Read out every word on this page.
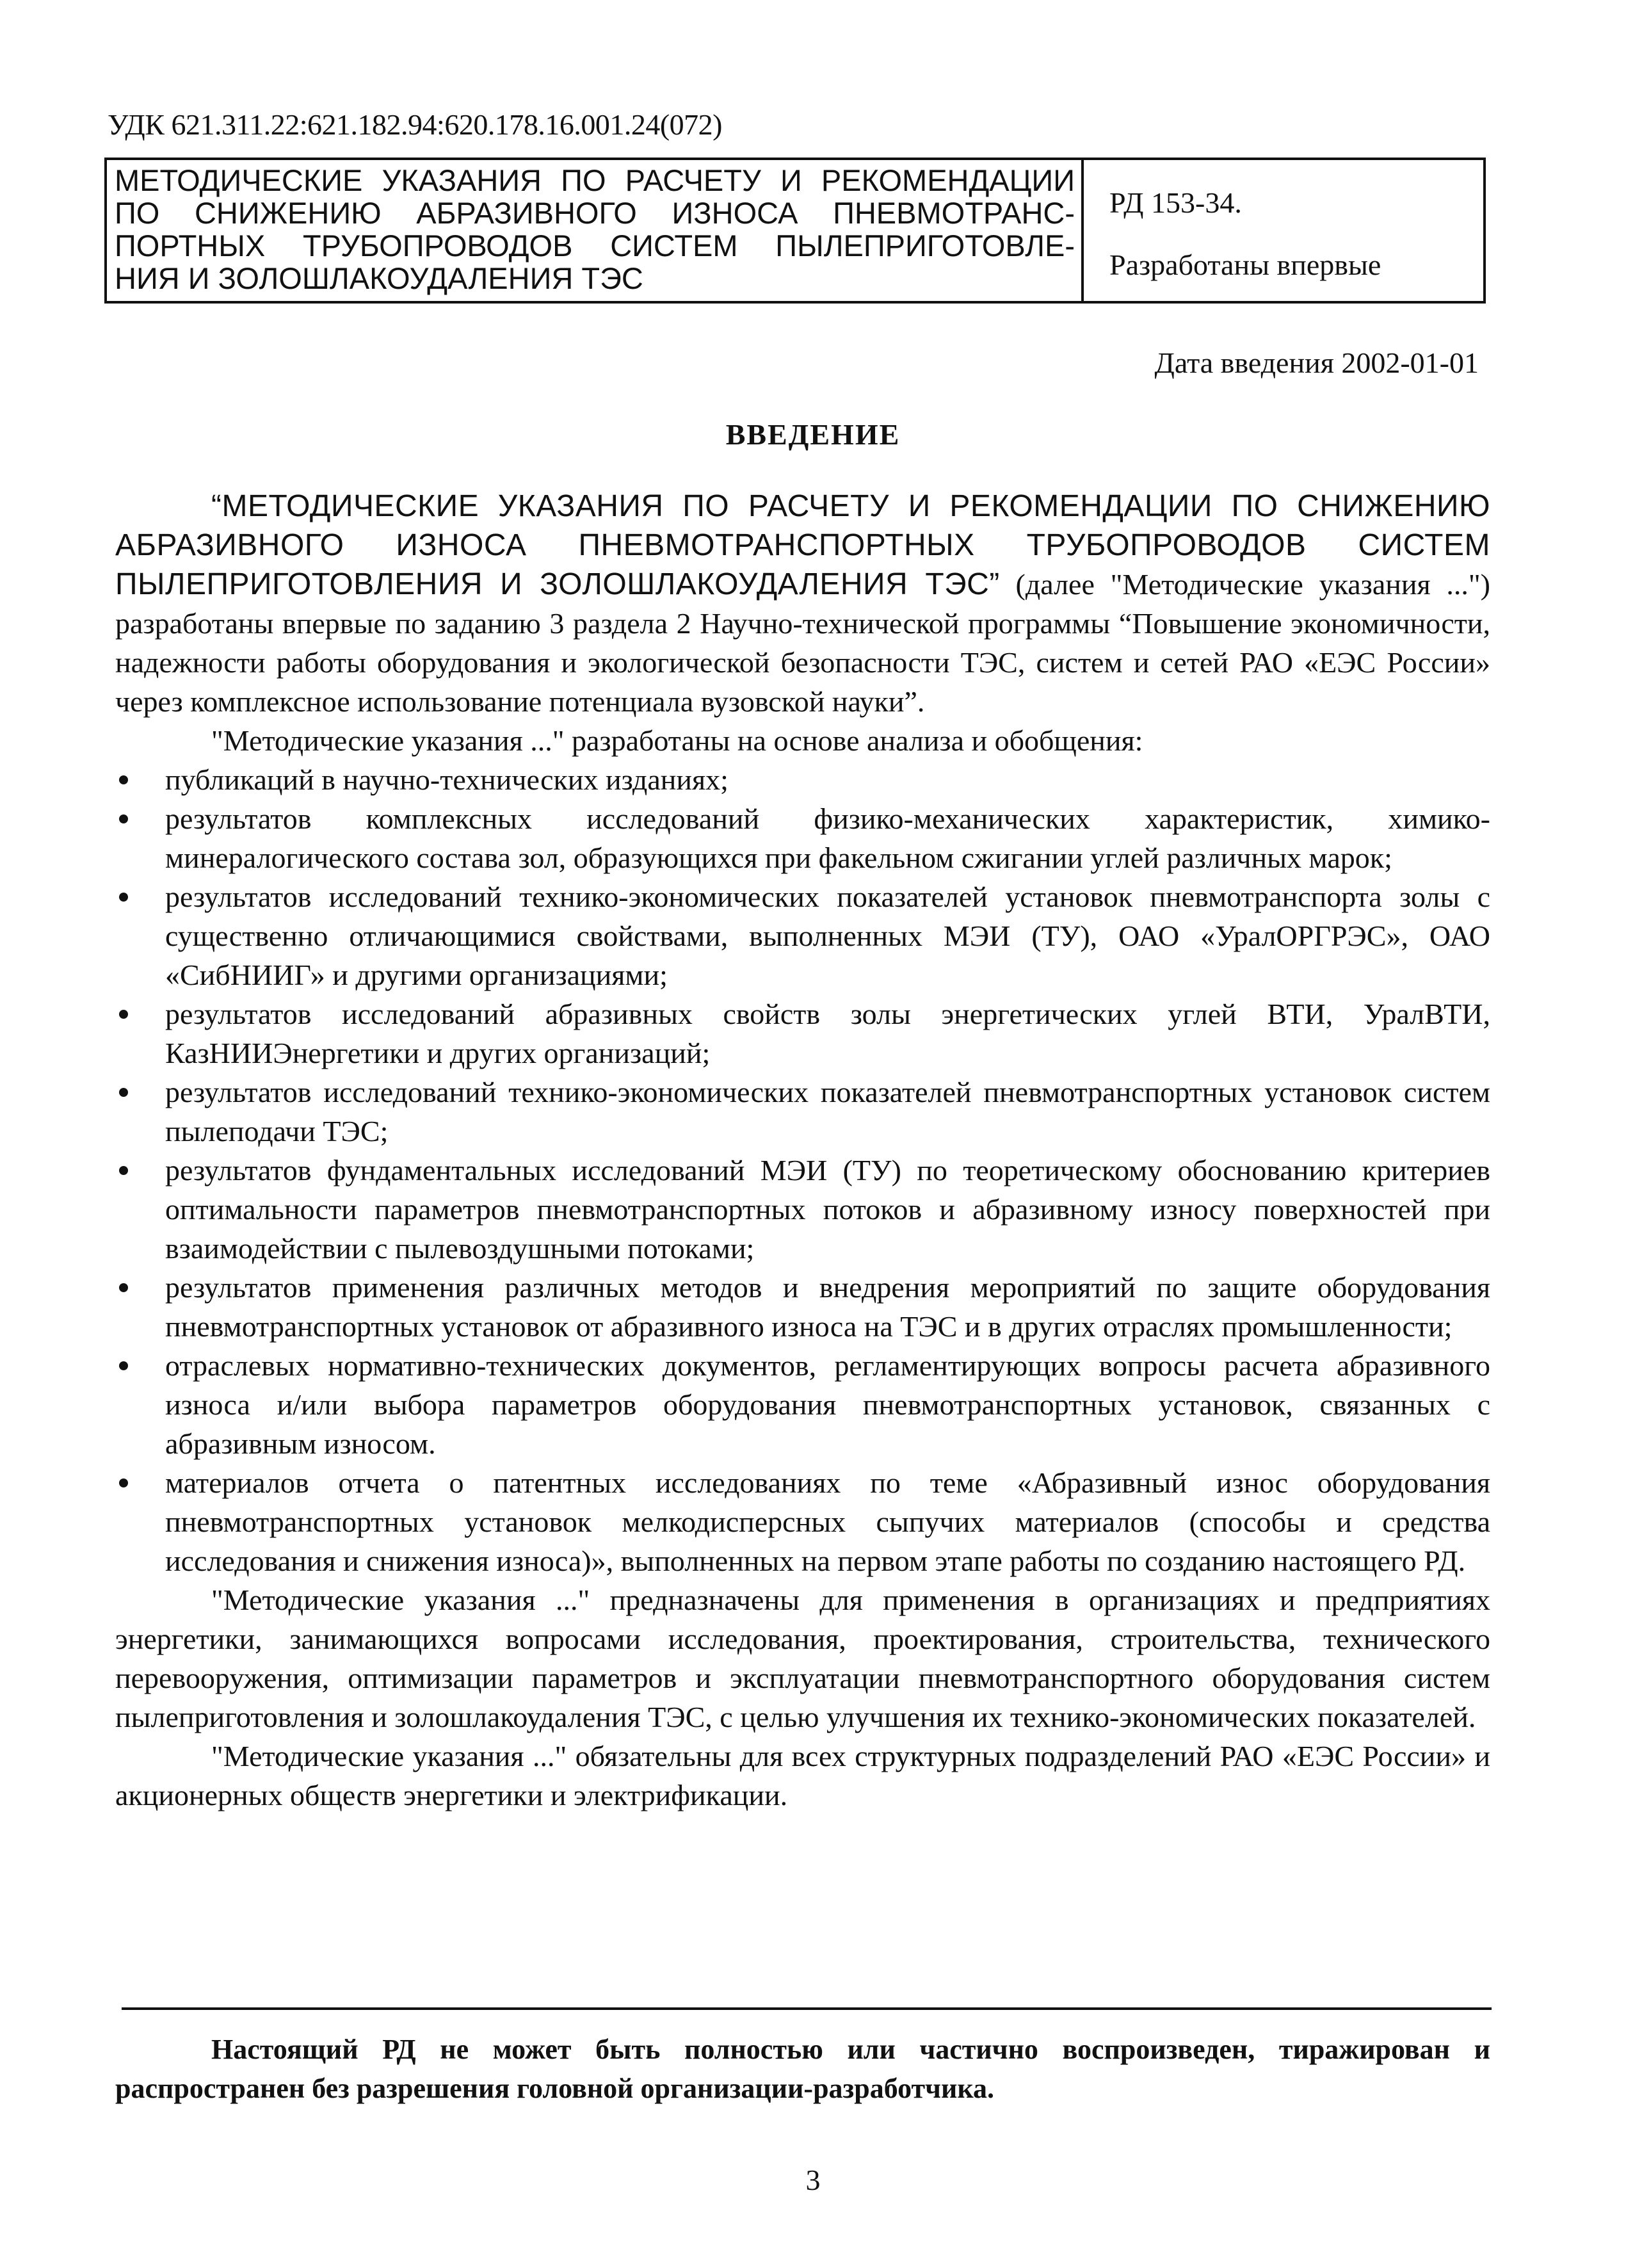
УДК 621.311.22:621.182.94:620.178.16.001.24(072)
МЕТОДИЧЕСКИЕ УКАЗАНИЯ ПО РАСЧЕТУ И РЕКОМЕНДАЦИИ
ПО СНИЖЕНИЮ АБРАЗИВНОГО ИЗНОСА ПНЕВМОТРАНС-
ПОРТНЫХ ТРУБОПРОВОДОВ СИСТЕМ ПЫЛЕПРИГОТОВЛЕ-
НИЯ И ЗОЛОШЛАКОУДАЛЕНИЯ ТЭС
РД 153-34.
Разработаны впервые
Дата введения 2002-01-01
ВВЕДЕНИЕ

“МЕТОДИЧЕСКИЕ УКАЗАНИЯ ПО РАСЧЕТУ И РЕКОМЕНДАЦИИ ПО СНИЖЕНИЮ АБРАЗИВНОГО ИЗНОСА ПНЕВМОТРАНСПОРТНЫХ ТРУБОПРОВОДОВ СИСТЕМ ПЫЛЕПРИГОТОВЛЕНИЯ И ЗОЛОШЛАКОУДАЛЕНИЯ ТЭС” (далее "Методические указания ...") разработаны впервые по заданию 3 раздела 2 Научно-технической программы “Повышение экономичности, надежности работы оборудования и экологической безопасности ТЭС, систем и сетей РАО «ЕЭС России» через комплексное использование потенциала вузовской науки”.

"Методические указания ..." разработаны на основе анализа и обобщения:

публикаций в научно-технических изданиях;
результатов комплексных исследований физико-механических характеристик, химико-минералогического состава зол, образующихся при факельном сжигании углей различных марок;
результатов исследований технико-экономических показателей установок пневмотранспорта золы с существенно отличающимися свойствами, выполненных МЭИ (ТУ), ОАО «УралОРГРЭС», ОАО «СибНИИГ» и другими организациями;
результатов исследований абразивных свойств золы энергетических углей ВТИ, УралВТИ, КазНИИЭнергетики и других организаций;
результатов исследований технико-экономических показателей пневмотранспортных установок систем пылеподачи ТЭС;
результатов фундаментальных исследований МЭИ (ТУ) по теоретическому обоснованию критериев оптимальности параметров пневмотранспортных потоков и абразивному износу поверхностей при взаимодействии с пылевоздушными потоками;
результатов применения различных методов и внедрения мероприятий по защите оборудования пневмотранспортных установок от абразивного износа на ТЭС и в других отраслях промышленности;
отраслевых нормативно-технических документов, регламентирующих вопросы расчета абразивного износа и/или выбора параметров оборудования пневмотранспортных установок, связанных с абразивным износом.
материалов отчета о патентных исследованиях по теме «Абразивный износ оборудования пневмотранспортных установок мелкодисперсных сыпучих материалов (способы и средства исследования и снижения износа)», выполненных на первом этапе работы по созданию настоящего РД.

"Методические указания ..." предназначены для применения в организациях и предприятиях энергетики, занимающихся вопросами исследования, проектирования, строительства, технического перевооружения, оптимизации параметров и эксплуатации пневмотранспортного оборудования систем пылеприготовления и золошлакоудаления ТЭС, с целью улучшения их технико-экономических показателей.

"Методические указания ..." обязательны для всех структурных подразделений РАО «ЕЭС России» и акционерных обществ энергетики и электрификации.

Настоящий РД не может быть полностью или частично воспроизведен, тиражирован и распространен без разрешения головной организации-разработчика.

3
